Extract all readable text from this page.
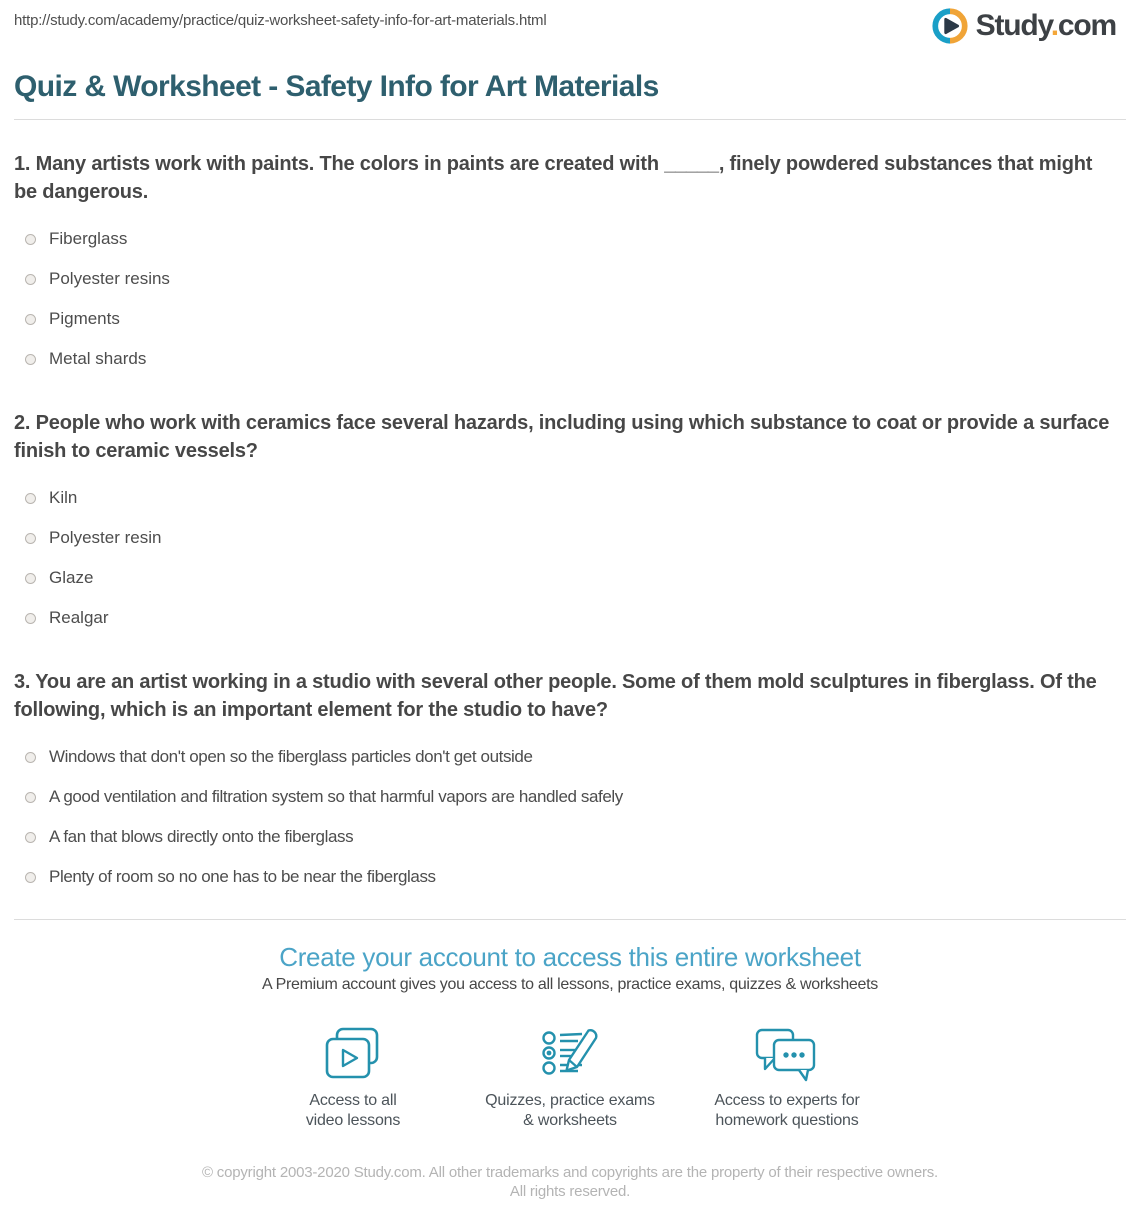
http://study.com/academy/practice/quiz-worksheet-safety-info-for-art-materials.html	Study.com
Quiz & Worksheet - Safety Info for Art Materials
1. Many artists work with paints. The colors in paints are created with _____, finely powdered substances that might be dangerous.
Fiberglass
Polyester resins
Pigments
Metal shards
2. People who work with ceramics face several hazards, including using which substance to coat or provide a surface finish to ceramic vessels?
Kiln
Polyester resin
Glaze
Realgar
3. You are an artist working in a studio with several other people. Some of them mold sculptures in fiberglass. Of the following, which is an important element for the studio to have?
Windows that don't open so the fiberglass particles don't get outside
A good ventilation and filtration system so that harmful vapors are handled safely
A fan that blows directly onto the fiberglass
Plenty of room so no one has to be near the fiberglass
Create your account to access this entire worksheet
A Premium account gives you access to all lessons, practice exams, quizzes & worksheets
Access to all
video lessons
Quizzes, practice exams
& worksheets
Access to experts for
homework questions
© copyright 2003-2020 Study.com. All other trademarks and copyrights are the property of their respective owners. All rights reserved.
